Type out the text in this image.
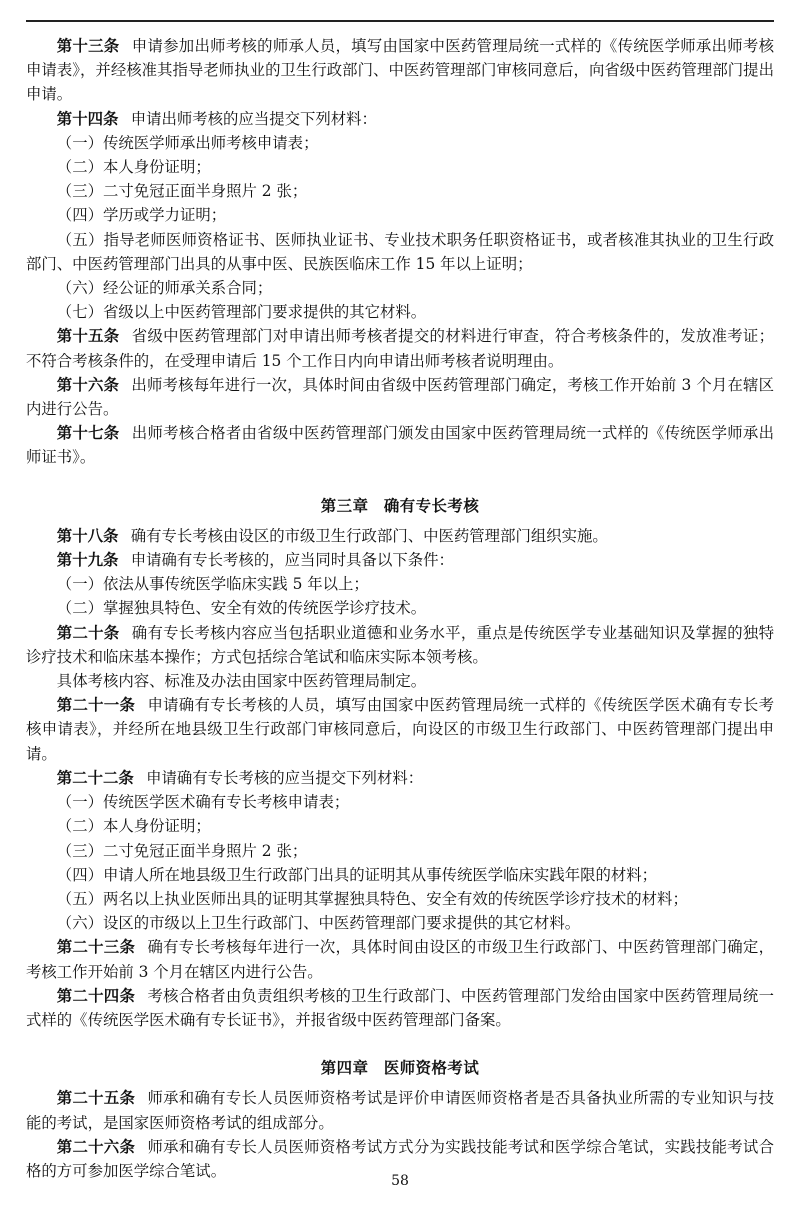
第十三条 申请参加出师考核的师承人员，填写由国家中医药管理局统一式样的《传统医学师承出师考核申请表》，并经核准其指导老师执业的卫生行政部门、中医药管理部门审核同意后，向省级中医药管理部门提出申请。

第十四条 申请出师考核的应当提交下列材料：

（一）传统医学师承出师考核申请表；

（二）本人身份证明；

（三）二寸免冠正面半身照片 2 张；

（四）学历或学力证明；

（五）指导老师医师资格证书、医师执业证书、专业技术职务任职资格证书，或者核准其执业的卫生行政部门、中医药管理部门出具的从事中医、民族医临床工作 15 年以上证明；

（六）经公证的师承关系合同；

（七）省级以上中医药管理部门要求提供的其它材料。

第十五条 省级中医药管理部门对申请出师考核者提交的材料进行审查，符合考核条件的，发放准考证；不符合考核条件的，在受理申请后 15 个工作日内向申请出师考核者说明理由。

第十六条 出师考核每年进行一次，具体时间由省级中医药管理部门确定，考核工作开始前 3 个月在辖区内进行公告。

第十七条 出师考核合格者由省级中医药管理部门颁发由国家中医药管理局统一式样的《传统医学师承出师证书》。

第三章 确有专长考核

第十八条 确有专长考核由设区的市级卫生行政部门、中医药管理部门组织实施。

第十九条 申请确有专长考核的，应当同时具备以下条件：

（一）依法从事传统医学临床实践 5 年以上；

（二）掌握独具特色、安全有效的传统医学诊疗技术。

第二十条 确有专长考核内容应当包括职业道德和业务水平，重点是传统医学专业基础知识及掌握的独特诊疗技术和临床基本操作；方式包括综合笔试和临床实际本领考核。

具体考核内容、标准及办法由国家中医药管理局制定。

第二十一条 申请确有专长考核的人员，填写由国家中医药管理局统一式样的《传统医学医术确有专长考核申请表》，并经所在地县级卫生行政部门审核同意后，向设区的市级卫生行政部门、中医药管理部门提出申请。

第二十二条 申请确有专长考核的应当提交下列材料：

（一）传统医学医术确有专长考核申请表；

（二）本人身份证明；

（三）二寸免冠正面半身照片 2 张；

（四）申请人所在地县级卫生行政部门出具的证明其从事传统医学临床实践年限的材料；

（五）两名以上执业医师出具的证明其掌握独具特色、安全有效的传统医学诊疗技术的材料；

（六）设区的市级以上卫生行政部门、中医药管理部门要求提供的其它材料。

第二十三条 确有专长考核每年进行一次，具体时间由设区的市级卫生行政部门、中医药管理部门确定，考核工作开始前 3 个月在辖区内进行公告。

第二十四条 考核合格者由负责组织考核的卫生行政部门、中医药管理部门发给由国家中医药管理局统一式样的《传统医学医术确有专长证书》，并报省级中医药管理部门备案。

第四章 医师资格考试

第二十五条 师承和确有专长人员医师资格考试是评价申请医师资格者是否具备执业所需的专业知识与技能的考试，是国家医师资格考试的组成部分。

第二十六条 师承和确有专长人员医师资格考试方式分为实践技能考试和医学综合笔试，实践技能考试合格的方可参加医学综合笔试。

58
